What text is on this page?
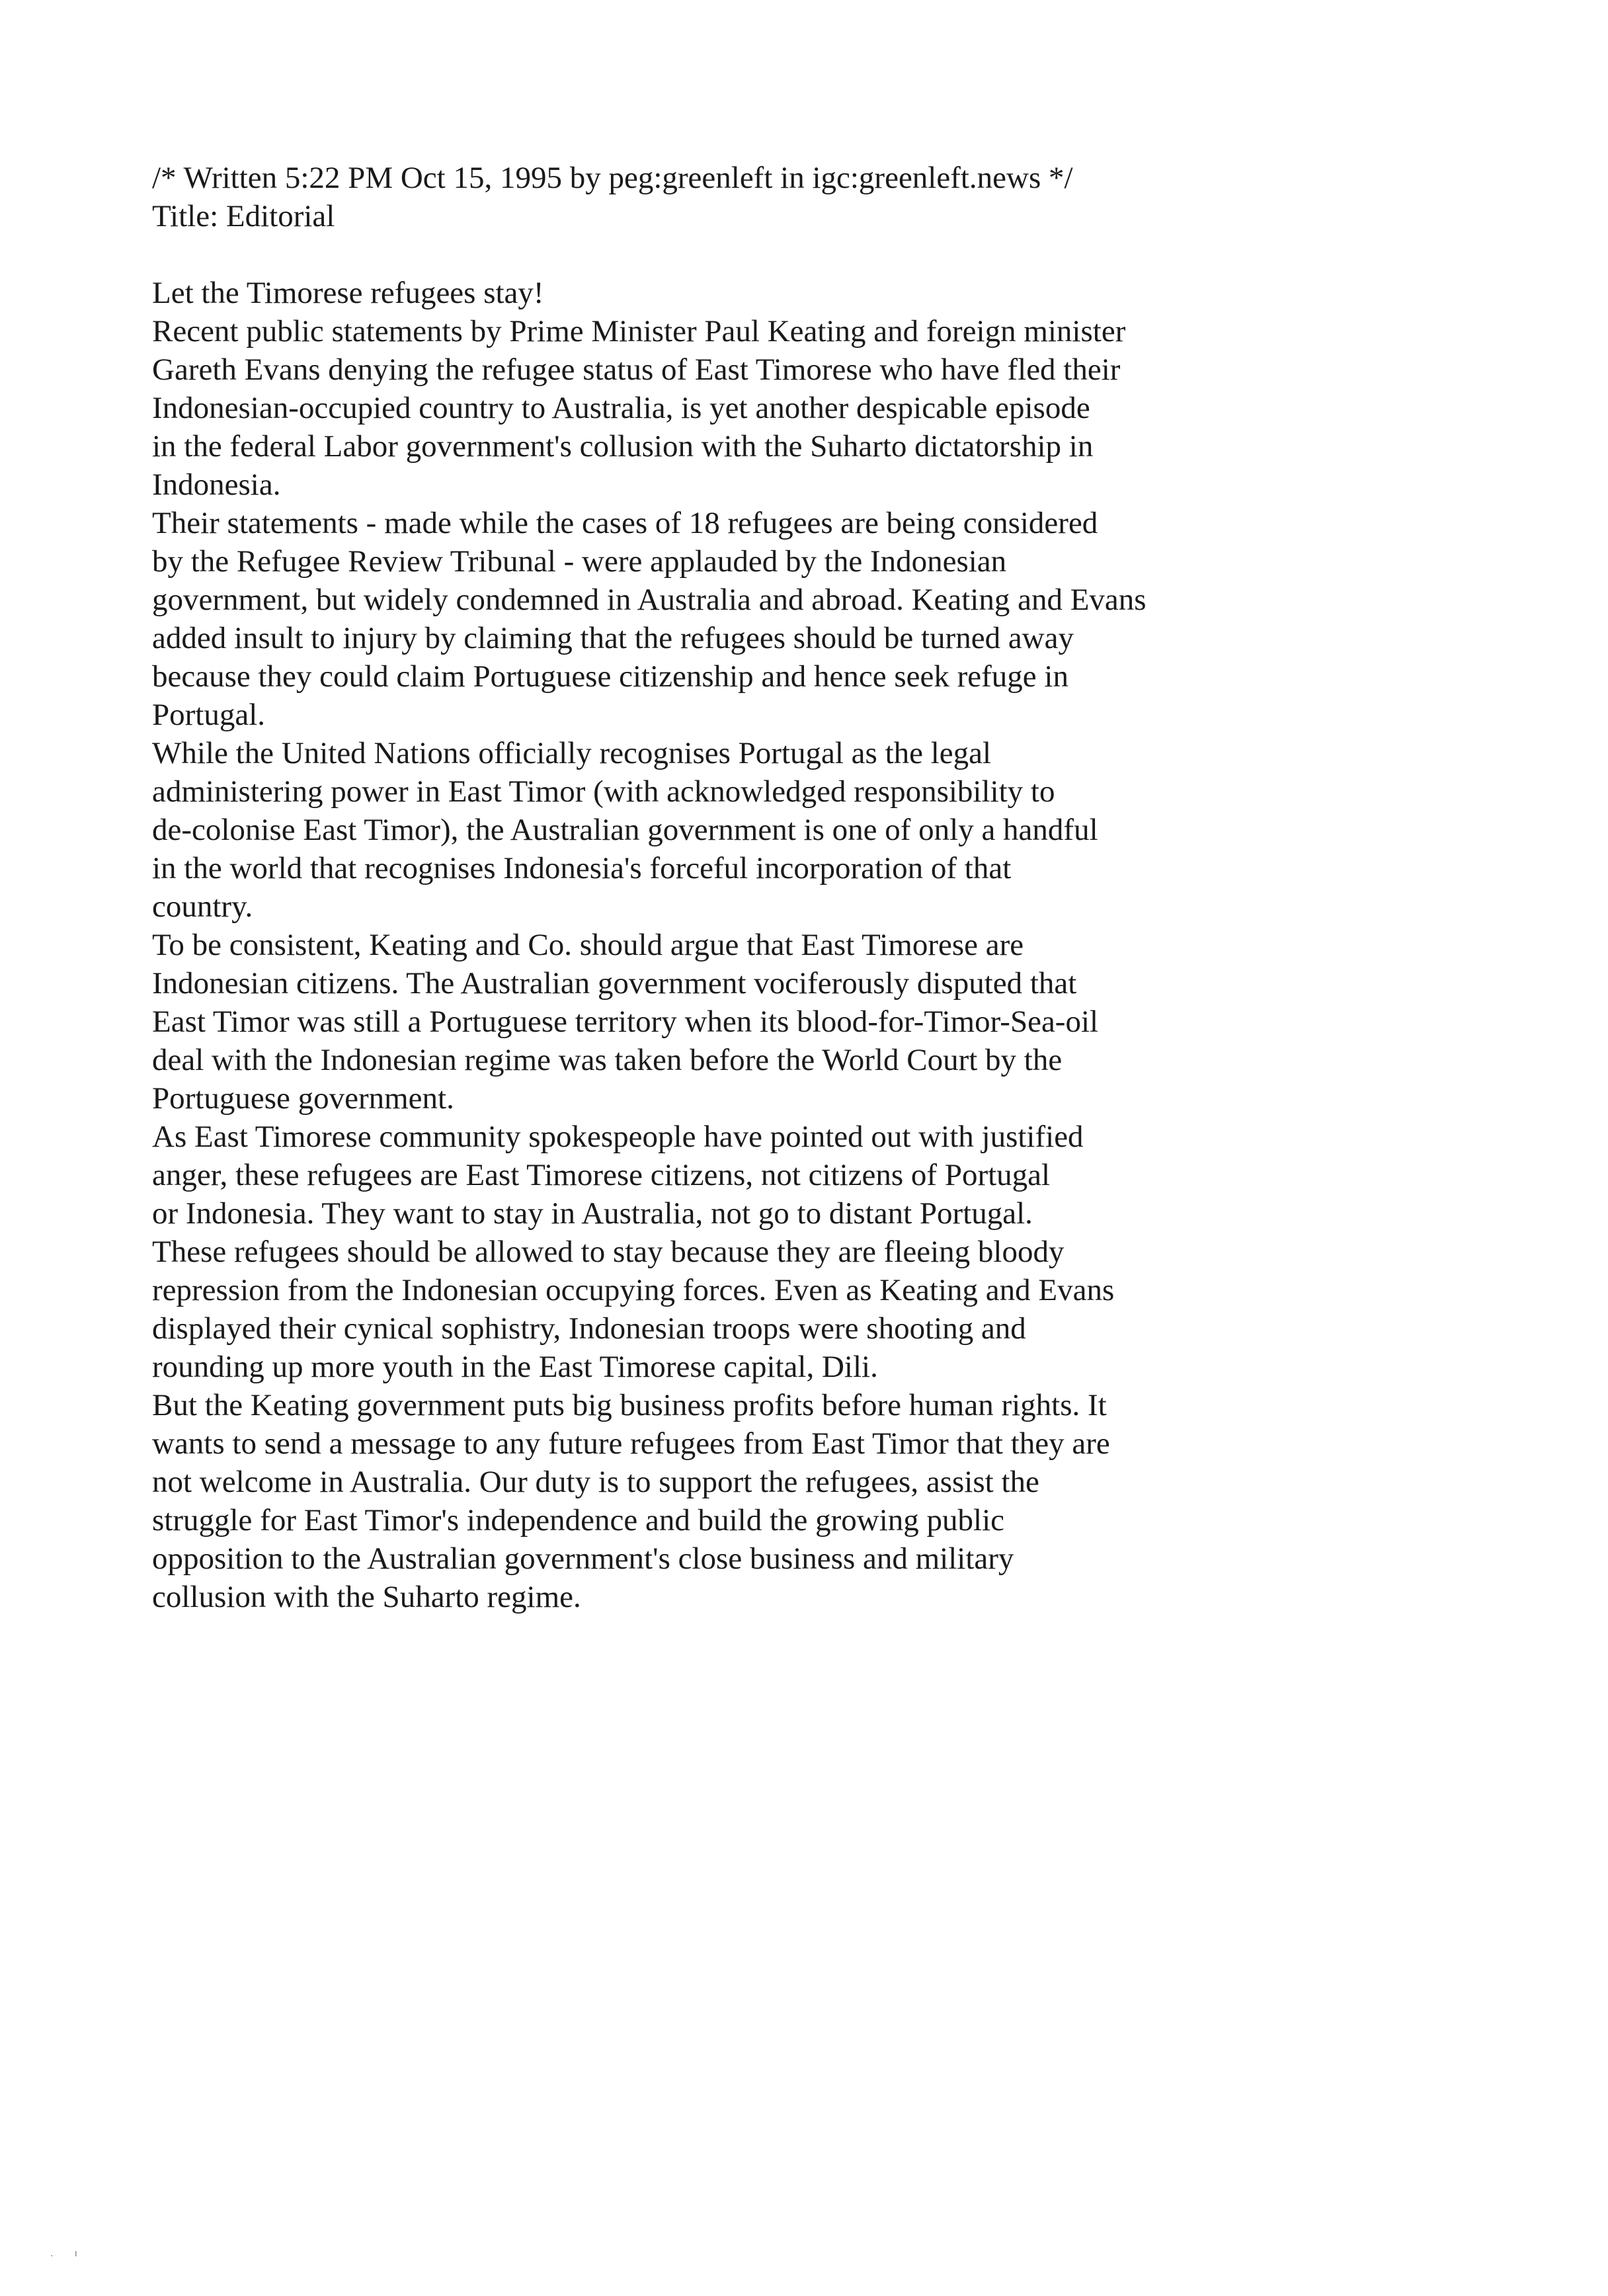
/* Written 5:22 PM Oct 15, 1995 by peg:greenleft in igc:greenleft.news */
Title: Editorial

Let the Timorese refugees stay!

Recent public statements by Prime Minister Paul Keating and foreign minister
Gareth Evans denying the refugee status of East Timorese who have fled their
Indonesian-occupied country to Australia, is yet another despicable episode
in the federal Labor government's collusion with the Suharto dictatorship in
Indonesia.

Their statements - made while the cases of 18 refugees are being considered
by the Refugee Review Tribunal - were applauded by the Indonesian
government, but widely condemned in Australia and abroad. Keating and Evans
added insult to injury by claiming that the refugees should be turned away
because they could claim Portuguese citizenship and hence seek refuge in
Portugal.

While the United Nations officially recognises Portugal as the legal
administering power in East Timor (with acknowledged responsibility to
de-colonise East Timor), the Australian government is one of only a handful
in the world that recognises Indonesia's forceful incorporation of that
country.

To be consistent, Keating and Co. should argue that East Timorese are
Indonesian citizens. The Australian government vociferously disputed that
East Timor was still a Portuguese territory when its blood-for-Timor-Sea-oil
deal with the Indonesian regime was taken before the World Court by the
Portuguese government.

As East Timorese community spokespeople have pointed out with justified
anger, these refugees are East Timorese citizens, not citizens of Portugal
or Indonesia. They want to stay in Australia, not go to distant Portugal.
These refugees should be allowed to stay because they are fleeing bloody
repression from the Indonesian occupying forces. Even as Keating and Evans
displayed their cynical sophistry, Indonesian troops were shooting and
rounding up more youth in the East Timorese capital, Dili.

But the Keating government puts big business profits before human rights. It
wants to send a message to any future refugees from East Timor that they are
not welcome in Australia. Our duty is to support the refugees, assist the
struggle for East Timor's independence and build the growing public
opposition to the Australian government's close business and military
collusion with the Suharto regime.

. ı
